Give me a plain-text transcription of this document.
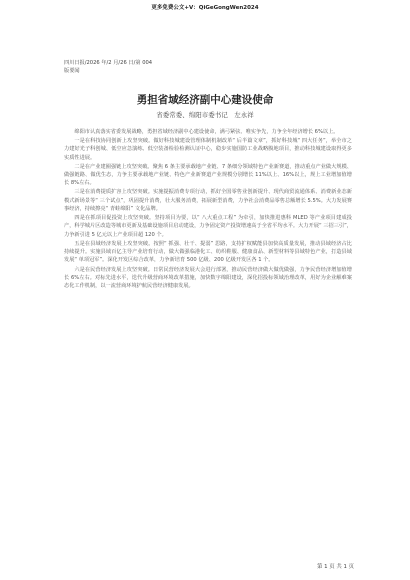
更多免费公文+V：QiGeGongWen2024
四川日报/2026 年/2 月/26 日/第 004
版要闻
勇担省域经济副中心建设使命
省委常委、绵阳市委书记　左永祥

绵阳市认真落实省委发展战略，勇担省域经济副中心建设使命，满弓紧弦、唯实争先，力争全年经济增长 6%以上。

一是在科技协同创新上攻坚突破。做好科技城建设管理体制机制改革“ 后半篇文章”，抓好科技城“ 四大任务”，举全市之力建好光子科创城、低空应急演练、低空装备检验检测认证中心，稳步实施国防工业战略腹地项目，推动科技城建设取得更多实质性进展。

二是在产业建圈强链上攻坚突破。聚焦 6 条主要承载地产业链、7 条细分领域特色产业新赛道，推动重点产业做大规模、做强链路、做优生态，力争主要承载地产业链、特色产业新赛道产业规模分别增长 11%以上、16%以上，规上工业增加值增长 8%左右。

三是在消费提质扩容上攻坚突破。实施提振消费专项行动，抓好全国零售业创新提升、现代商贸流通体系、消费新业态新模式新场景等“ 三个试点”，巩固提升消费，壮大服务消费，拓展新型消费，力争社会消费品零售总额增长 5.5%。大力发展赛事经济，持续擦亮“ 青蛙绵阳” 文化品牌。

四是在抓项目促投资上攻坚突破。坚持项目为要，以“ 八大重点工程” 为牵引，加快推进惠科 MLED 等产业项目建成投产，科学城片区改造等城市更新及基础设施项目启动建设，力争固定资产投资增速高于全省平均水平。大力开展“ 三招三引”，力争新引进 5 亿元以上产业项目超 120 个。

五是在县域经济发展上攻坚突破。按照“ 抓强、壮干、提弱” 思路，支持扩权赋能县加快高质量发展，推动县域经济占比持续提升。实施县域百亿主导产业培育行动，做大做强临港化工、纺织鞋服、健康食品、新型材料等县域特色产业，打造县域发展“ 单项冠军”。深化开发区综合改革，力争新培育 500 亿级、200 亿级开发区各 1 个。

六是在民营经济发展上攻坚突破。日常民营经济发展大会进行部署，推动民营经济做大做优做强，力争民营经济增加值增长 6%左右。对标先进水平，迭代升级营商环境改革措施，加快数字绵阳建设，深化招投标领域治理改革，用好为企业解难案态化工作机制，以一流营商环境护航民营经济健康发展。

第 1 页 共 1 页
